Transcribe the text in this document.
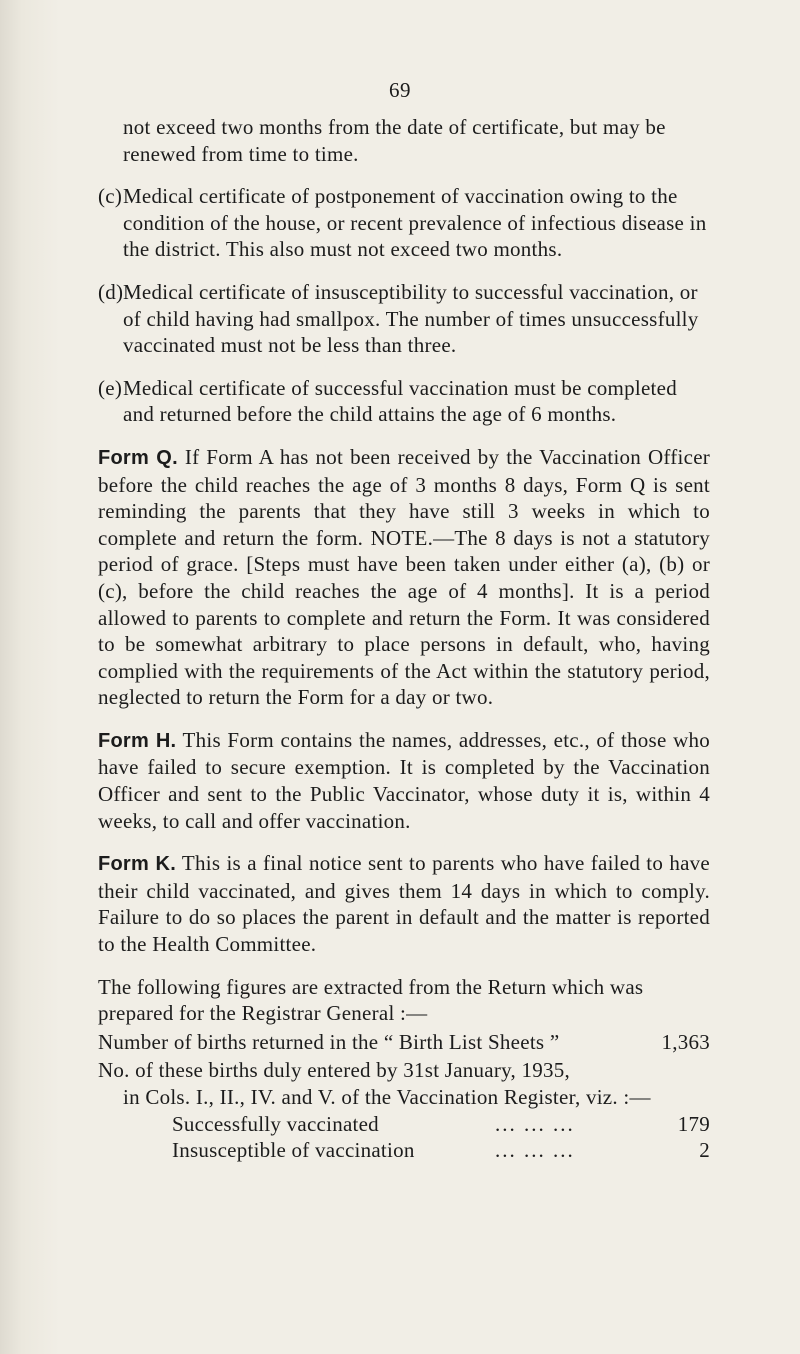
69

not exceed two months from the date of certificate, but may be renewed from time to time.

(c) Medical certificate of postponement of vaccination owing to the condition of the house, or recent prevalence of infectious disease in the district. This also must not exceed two months.

(d) Medical certificate of insusceptibility to successful vaccination, or of child having had smallpox. The number of times unsuccessfully vaccinated must not be less than three.

(e) Medical certificate of successful vaccination must be completed and returned before the child attains the age of 6 months.

Form Q. If Form A has not been received by the Vaccination Officer before the child reaches the age of 3 months 8 days, Form Q is sent reminding the parents that they have still 3 weeks in which to complete and return the form. NOTE.—The 8 days is not a statutory period of grace. [Steps must have been taken under either (a), (b) or (c), before the child reaches the age of 4 months]. It is a period allowed to parents to complete and return the Form. It was considered to be somewhat arbitrary to place persons in default, who, having complied with the requirements of the Act within the statutory period, neglected to return the Form for a day or two.

Form H. This Form contains the names, addresses, etc., of those who have failed to secure exemption. It is completed by the Vaccination Officer and sent to the Public Vaccinator, whose duty it is, within 4 weeks, to call and offer vaccination.

Form K. This is a final notice sent to parents who have failed to have their child vaccinated, and gives them 14 days in which to comply. Failure to do so places the parent in default and the matter is reported to the Health Committee.

The following figures are extracted from the Return which was prepared for the Registrar General :—

Number of births returned in the “ Birth List Sheets ”	1,363
No. of these births duly entered by 31st January, 1935,
in Cols. I., II., IV. and V. of the Vaccination Register, viz. :—
Successfully vaccinated	... ... ...	179
Insusceptible of vaccination	... ... ...	2
